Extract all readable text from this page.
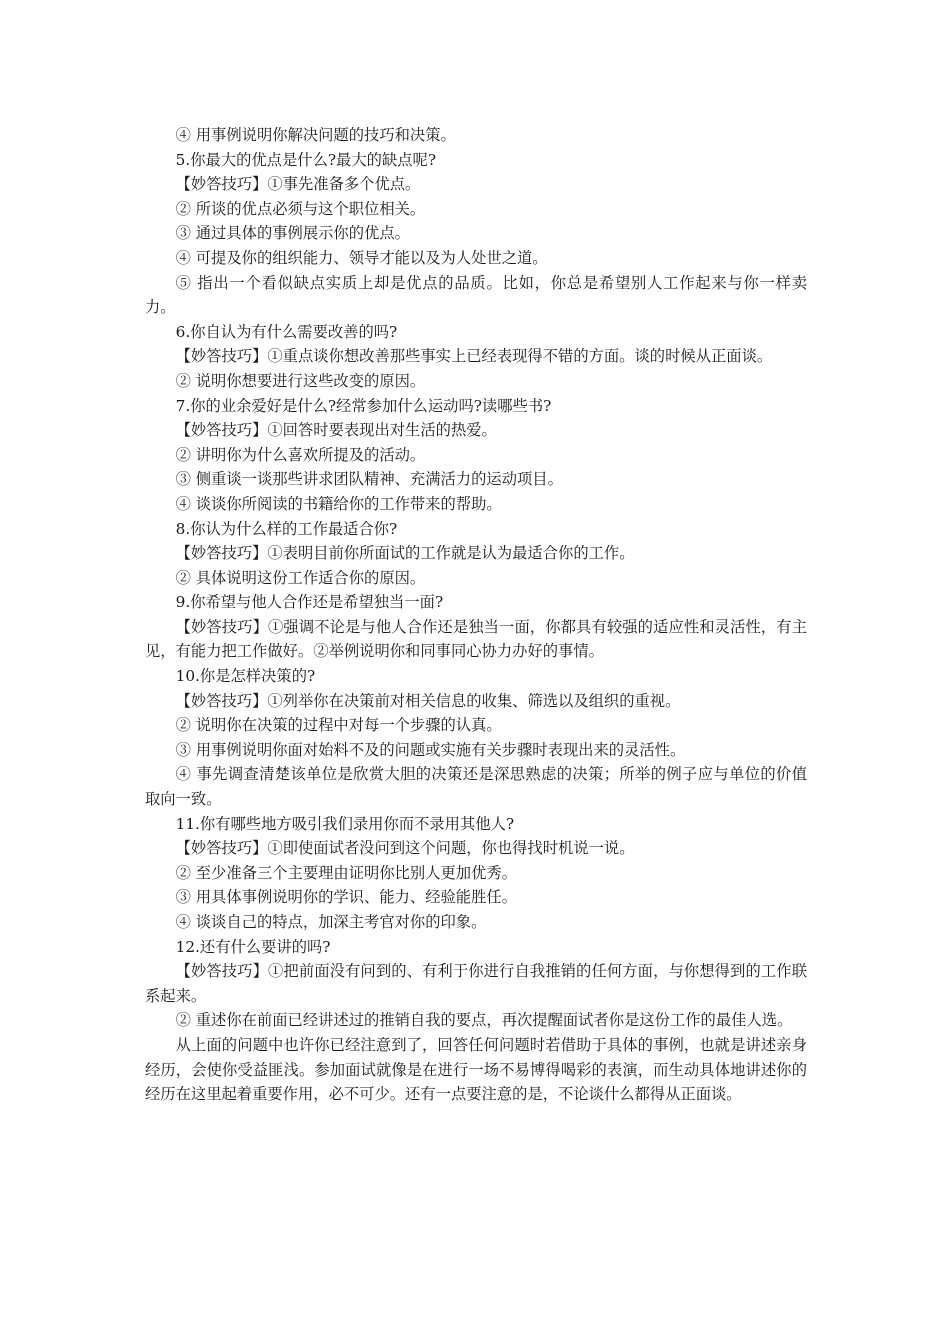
④ 用事例说明你解决问题的技巧和决策。

5.你最大的优点是什么?最大的缺点呢?

【妙答技巧】①事先准备多个优点。

② 所谈的优点必须与这个职位相关。

③ 通过具体的事例展示你的优点。

④ 可提及你的组织能力、领导才能以及为人处世之道。

⑤ 指出一个看似缺点实质上却是优点的品质。比如，你总是希望别人工作起来与你一样卖力。

6.你自认为有什么需要改善的吗?

【妙答技巧】①重点谈你想改善那些事实上已经表现得不错的方面。谈的时候从正面谈。

② 说明你想要进行这些改变的原因。

7.你的业余爱好是什么?经常参加什么运动吗?读哪些书?

【妙答技巧】①回答时要表现出对生活的热爱。

② 讲明你为什么喜欢所提及的活动。

③ 侧重谈一谈那些讲求团队精神、充满活力的运动项目。

④ 谈谈你所阅读的书籍给你的工作带来的帮助。

8.你认为什么样的工作最适合你?

【妙答技巧】①表明目前你所面试的工作就是认为最适合你的工作。

② 具体说明这份工作适合你的原因。

9.你希望与他人合作还是希望独当一面?

【妙答技巧】①强调不论是与他人合作还是独当一面，你都具有较强的适应性和灵活性，有主见，有能力把工作做好。②举例说明你和同事同心协力办好的事情。

10.你是怎样决策的?

【妙答技巧】①列举你在决策前对相关信息的收集、筛选以及组织的重视。

② 说明你在决策的过程中对每一个步骤的认真。

③ 用事例说明你面对始料不及的问题或实施有关步骤时表现出来的灵活性。

④ 事先调查清楚该单位是欣赏大胆的决策还是深思熟虑的决策；所举的例子应与单位的价值取向一致。

11.你有哪些地方吸引我们录用你而不录用其他人?

【妙答技巧】①即使面试者没问到这个问题，你也得找时机说一说。

② 至少准备三个主要理由证明你比别人更加优秀。

③ 用具体事例说明你的学识、能力、经验能胜任。

④ 谈谈自己的特点，加深主考官对你的印象。

12.还有什么要讲的吗?

【妙答技巧】①把前面没有问到的、有利于你进行自我推销的任何方面，与你想得到的工作联系起来。

② 重述你在前面已经讲述过的推销自我的要点，再次提醒面试者你是这份工作的最佳人选。

从上面的问题中也许你已经注意到了，回答任何问题时若借助于具体的事例，也就是讲述亲身经历，会使你受益匪浅。参加面试就像是在进行一场不易博得喝彩的表演，而生动具体地讲述你的经历在这里起着重要作用，必不可少。还有一点要注意的是，不论谈什么都得从正面谈。
